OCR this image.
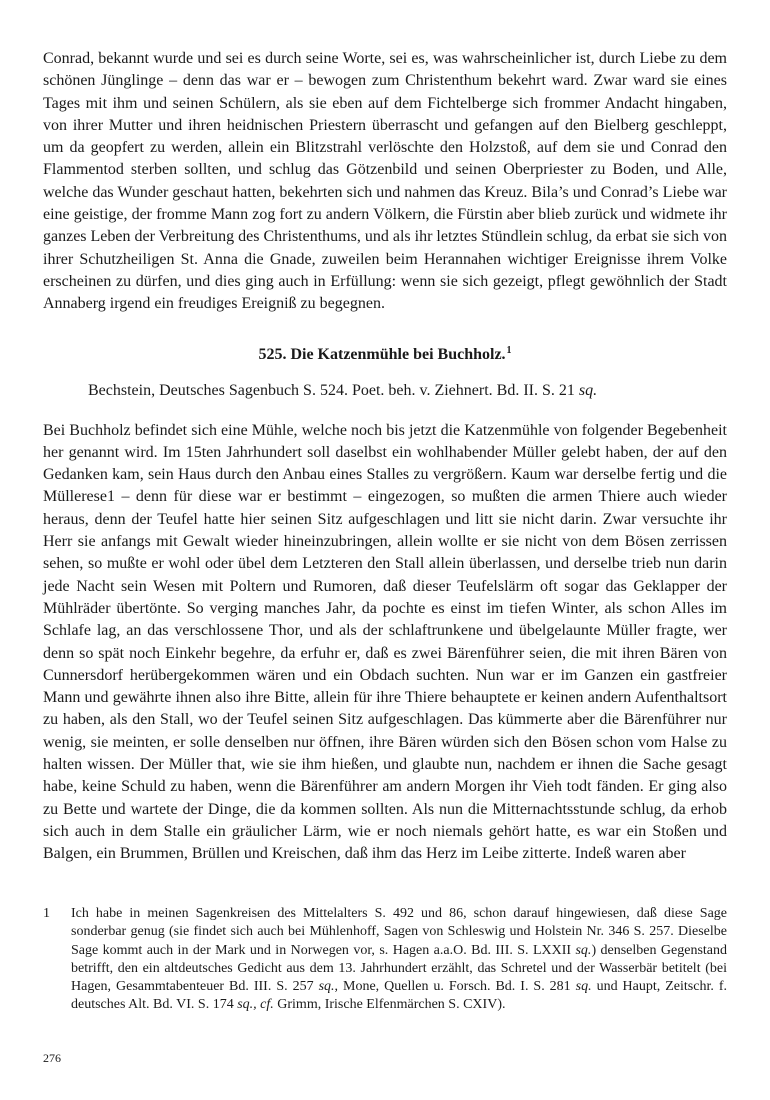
Conrad, bekannt wurde und sei es durch seine Worte, sei es, was wahrscheinlicher ist, durch Liebe zu dem schönen Jünglinge – denn das war er – bewogen zum Christenthum bekehrt ward. Zwar ward sie eines Tages mit ihm und seinen Schülern, als sie eben auf dem Fichtelberge sich frommer Andacht hingaben, von ihrer Mutter und ihren heidnischen Priestern überrascht und gefangen auf den Bielberg geschleppt, um da geopfert zu werden, allein ein Blitzstrahl verlöschte den Holzstoß, auf dem sie und Conrad den Flammentod sterben sollten, und schlug das Götzenbild und seinen Oberpriester zu Boden, und Alle, welche das Wunder geschaut hatten, bekehrten sich und nahmen das Kreuz. Bila’s und Conrad’s Liebe war eine geistige, der fromme Mann zog fort zu andern Völkern, die Fürstin aber blieb zurück und widmete ihr ganzes Leben der Verbreitung des Christenthums, und als ihr letztes Stündlein schlug, da erbat sie sich von ihrer Schutzheiligen St. Anna die Gnade, zuweilen beim Herannahen wichtiger Ereignisse ihrem Volke erscheinen zu dürfen, und dies ging auch in Erfüllung: wenn sie sich gezeigt, pflegt gewöhnlich der Stadt Annaberg irgend ein freudiges Ereigniß zu begegnen.

525. Die Katzenmühle bei Buchholz.$^1$

Bechstein, Deutsches Sagenbuch S. 524. Poet. beh. v. Ziehnert. Bd. II. S. 21 sq.

Bei Buchholz befindet sich eine Mühle, welche noch bis jetzt die Katzenmühle von folgender Begebenheit her genannt wird. Im 15ten Jahrhundert soll daselbst ein wohlhabender Müller gelebt haben, der auf den Gedanken kam, sein Haus durch den Anbau eines Stalles zu vergrößern. Kaum war derselbe fertig und die Müllerese1 – denn für diese war er bestimmt – eingezogen, so mußten die armen Thiere auch wieder heraus, denn der Teufel hatte hier seinen Sitz aufgeschlagen und litt sie nicht darin. Zwar versuchte ihr Herr sie anfangs mit Gewalt wieder hineinzubringen, allein wollte er sie nicht von dem Bösen zerrissen sehen, so mußte er wohl oder übel dem Letzteren den Stall allein überlassen, und derselbe trieb nun darin jede Nacht sein Wesen mit Poltern und Rumoren, daß dieser Teufelslärm oft sogar das Geklapper der Mühlräder übertönte. So verging manches Jahr, da pochte es einst im tiefen Winter, als schon Alles im Schlafe lag, an das verschlossene Thor, und als der schlaftrunkene und übelgelaunte Müller fragte, wer denn so spät noch Einkehr begehre, da erfuhr er, daß es zwei Bärenführer seien, die mit ihren Bären von Cunnersdorf herübergekommen wären und ein Obdach suchten. Nun war er im Ganzen ein gastfreier Mann und gewährte ihnen also ihre Bitte, allein für ihre Thiere behauptete er keinen andern Aufenthaltsort zu haben, als den Stall, wo der Teufel seinen Sitz aufgeschlagen. Das kümmerte aber die Bärenführer nur wenig, sie meinten, er solle denselben nur öffnen, ihre Bären würden sich den Bösen schon vom Halse zu halten wissen. Der Müller that, wie sie ihm hießen, und glaubte nun, nachdem er ihnen die Sache gesagt habe, keine Schuld zu haben, wenn die Bärenführer am andern Morgen ihr Vieh todt fänden. Er ging also zu Bette und wartete der Dinge, die da kommen sollten. Als nun die Mitternachtsstunde schlug, da erhob sich auch in dem Stalle ein gräulicher Lärm, wie er noch niemals gehört hatte, es war ein Stoßen und Balgen, ein Brummen, Brüllen und Kreischen, daß ihm das Herz im Leibe zitterte. Indeß waren aber

1	Ich habe in meinen Sagenkreisen des Mittelalters S. 492 und 86, schon darauf hingewiesen, daß diese Sage sonderbar genug (sie findet sich auch bei Mühlenhoff, Sagen von Schleswig und Holstein Nr. 346 S. 257. Dieselbe Sage kommt auch in der Mark und in Norwegen vor, s. Hagen a.a.O. Bd. III. S. LXXII sq.) denselben Gegenstand betrifft, den ein altdeutsches Gedicht aus dem 13. Jahrhundert erzählt, das Schretel und der Wasserbär betitelt (bei Hagen, Gesammtabenteuer Bd. III. S. 257 sq., Mone, Quellen u. Forsch. Bd. I. S. 281 sq. und Haupt, Zeitschr. f. deutsches Alt. Bd. VI. S. 174 sq., cf. Grimm, Irische Elfenmärchen S. CXIV).
276
